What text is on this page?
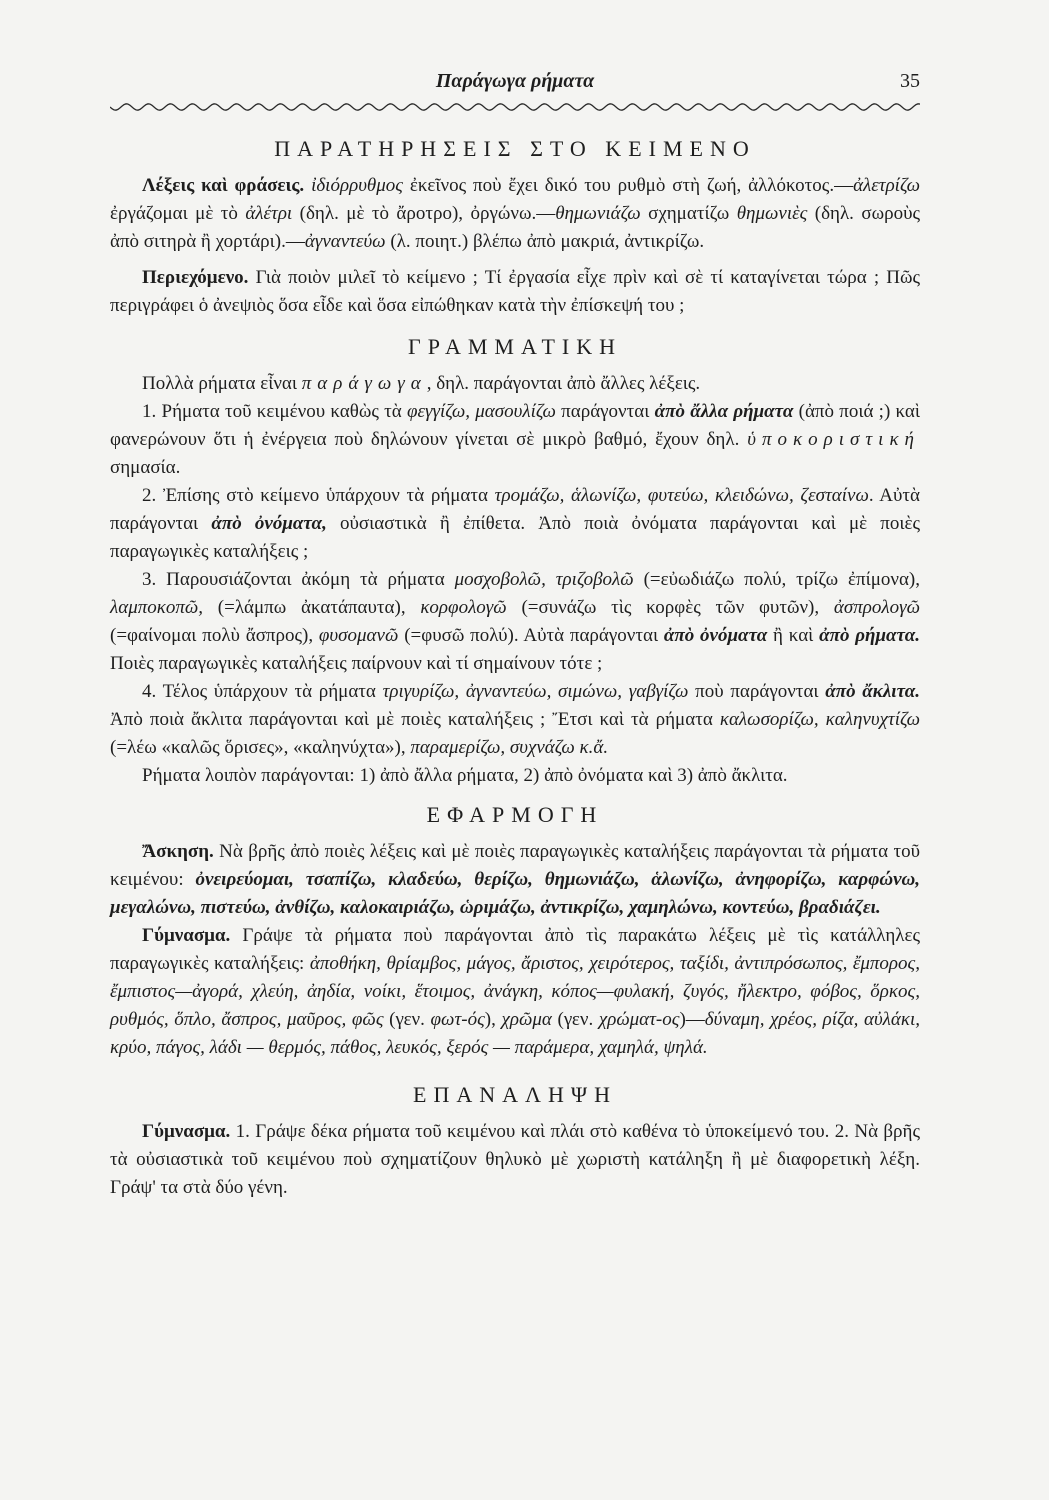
Παράγωγα ρήματα	35
ΠΑΡΑΤΗΡΗΣΕΙΣ ΣΤΟ ΚΕΙΜΕΝΟ

Λέξεις καὶ φράσεις. ἰδιόρρυθμος ἐκεῖνος ποὺ ἔχει δικό του ρυθμὸ στὴ ζωή, ἀλλόκοτος.—ἀλετρίζω ἐργάζομαι μὲ τὸ ἀλέτρι (δηλ. μὲ τὸ ἄροτρο), ὀργώνω.—θημωνιάζω σχηματίζω θημωνιὲς (δηλ. σωροὺς ἀπὸ σιτηρὰ ἢ χορτάρι).—ἀγναντεύω (λ. ποιητ.) βλέπω ἀπὸ μακριά, ἀντικρίζω.

Περιεχόμενο. Γιὰ ποιὸν μιλεῖ τὸ κείμενο ; Τί ἐργασία εἶχε πρὶν καὶ σὲ τί καταγίνεται τώρα ; Πῶς περιγράφει ὁ ἀνεψιὸς ὅσα εἶδε καὶ ὅσα εἰπώθηκαν κατὰ τὴν ἐπίσκεψή του ;

ΓΡΑΜΜΑΤΙΚΗ

Πολλὰ ρήματα εἶναι παράγωγα, δηλ. παράγονται ἀπὸ ἄλλες λέξεις.

1. Ρήματα τοῦ κειμένου καθὼς τὰ φεγγίζω, μασουλίζω παράγονται ἀπὸ ἄλλα ρήματα (ἀπὸ ποιά ;) καὶ φανερώνουν ὅτι ἡ ἐνέργεια ποὺ δηλώνουν γίνεται σὲ μικρὸ βαθμό, ἔχουν δηλ. ὑποκοριστική σημασία.

2. Ἐπίσης στὸ κείμενο ὑπάρχουν τὰ ρήματα τρομάζω, ἁλωνίζω, φυτεύω, κλειδώνω, ζεσταίνω. Αὐτὰ παράγονται ἀπὸ ὀνόματα, οὐσιαστικὰ ἢ ἐπίθετα. Ἀπὸ ποιὰ ὀνόματα παράγονται καὶ μὲ ποιὲς παραγωγικὲς καταλήξεις ;

3. Παρουσιάζονται ἀκόμη τὰ ρήματα μοσχοβολῶ, τριζοβολῶ (=εὐωδιάζω πολύ, τρίζω ἐπίμονα), λαμποκοπῶ, (=λάμπω ἀκατάπαυτα), κορφολογῶ (=συνάζω τὶς κορφὲς τῶν φυτῶν), ἀσπρολογῶ (=φαίνομαι πολὺ ἄσπρος), φυσομανῶ (=φυσῶ πολύ). Αὐτὰ παράγονται ἀπὸ ὀνόματα ἢ καὶ ἀπὸ ρήματα. Ποιὲς παραγωγικὲς καταλήξεις παίρνουν καὶ τί σημαίνουν τότε ;

4. Τέλος ὑπάρχουν τὰ ρήματα τριγυρίζω, ἀγναντεύω, σιμώνω, γαβγίζω ποὺ παράγονται ἀπὸ ἄκλιτα. Ἀπὸ ποιὰ ἄκλιτα παράγονται καὶ μὲ ποιὲς καταλήξεις ; Ἔτσι καὶ τὰ ρήματα καλωσορίζω, καληνυχτίζω (=λέω «καλῶς ὅρισες», «καληνύχτα»), παραμερίζω, συχνάζω κ.ἄ.

Ρήματα λοιπὸν παράγονται: 1) ἀπὸ ἄλλα ρήματα, 2) ἀπὸ ὀνόματα καὶ 3) ἀπὸ ἄκλιτα.

ΕΦΑΡΜΟΓΗ

Ἄσκηση. Νὰ βρῆς ἀπὸ ποιὲς λέξεις καὶ μὲ ποιὲς παραγωγικὲς καταλήξεις παράγονται τὰ ρήματα τοῦ κειμένου: ὀνειρεύομαι, τσαπίζω, κλαδεύω, θερίζω, θημωνιάζω, ἁλωνίζω, ἀνηφορίζω, καρφώνω, μεγαλώνω, πιστεύω, ἀνθίζω, καλοκαιριάζω, ὡριμάζω, ἀντικρίζω, χαμηλώνω, κοντεύω, βραδιάζει.

Γύμνασμα. Γράψε τὰ ρήματα ποὺ παράγονται ἀπὸ τὶς παρακάτω λέξεις μὲ τὶς κατάλληλες παραγωγικὲς καταλήξεις: ἀποθήκη, θρίαμβος, μάγος, ἄριστος, χειρότερος, ταξίδι, ἀντιπρόσωπος, ἔμπορος, ἔμπιστος—ἀγορά, χλεύη, ἀηδία, νοίκι, ἕτοιμος, ἀνάγκη, κόπος—φυλακή, ζυγός, ἤλεκτρο, φόβος, ὅρκος, ρυθμός, ὅπλο, ἄσπρος, μαῦρος, φῶς (γεν. φωτ-ός), χρῶμα (γεν. χρώματ-ος)—δύναμη, χρέος, ρίζα, αὐλάκι, κρύο, πάγος, λάδι — θερμός, πάθος, λευκός, ξερός — παράμερα, χαμηλά, ψηλά.

ΕΠΑΝΑΛΗΨΗ

Γύμνασμα. 1. Γράψε δέκα ρήματα τοῦ κειμένου καὶ πλάι στὸ καθένα τὸ ὑποκείμενό του. 2. Νὰ βρῆς τὰ οὐσιαστικὰ τοῦ κειμένου ποὺ σχηματίζουν θηλυκὸ μὲ χωριστὴ κατάληξη ἢ μὲ διαφορετικὴ λέξη. Γράψ' τα στὰ δύο γένη.
